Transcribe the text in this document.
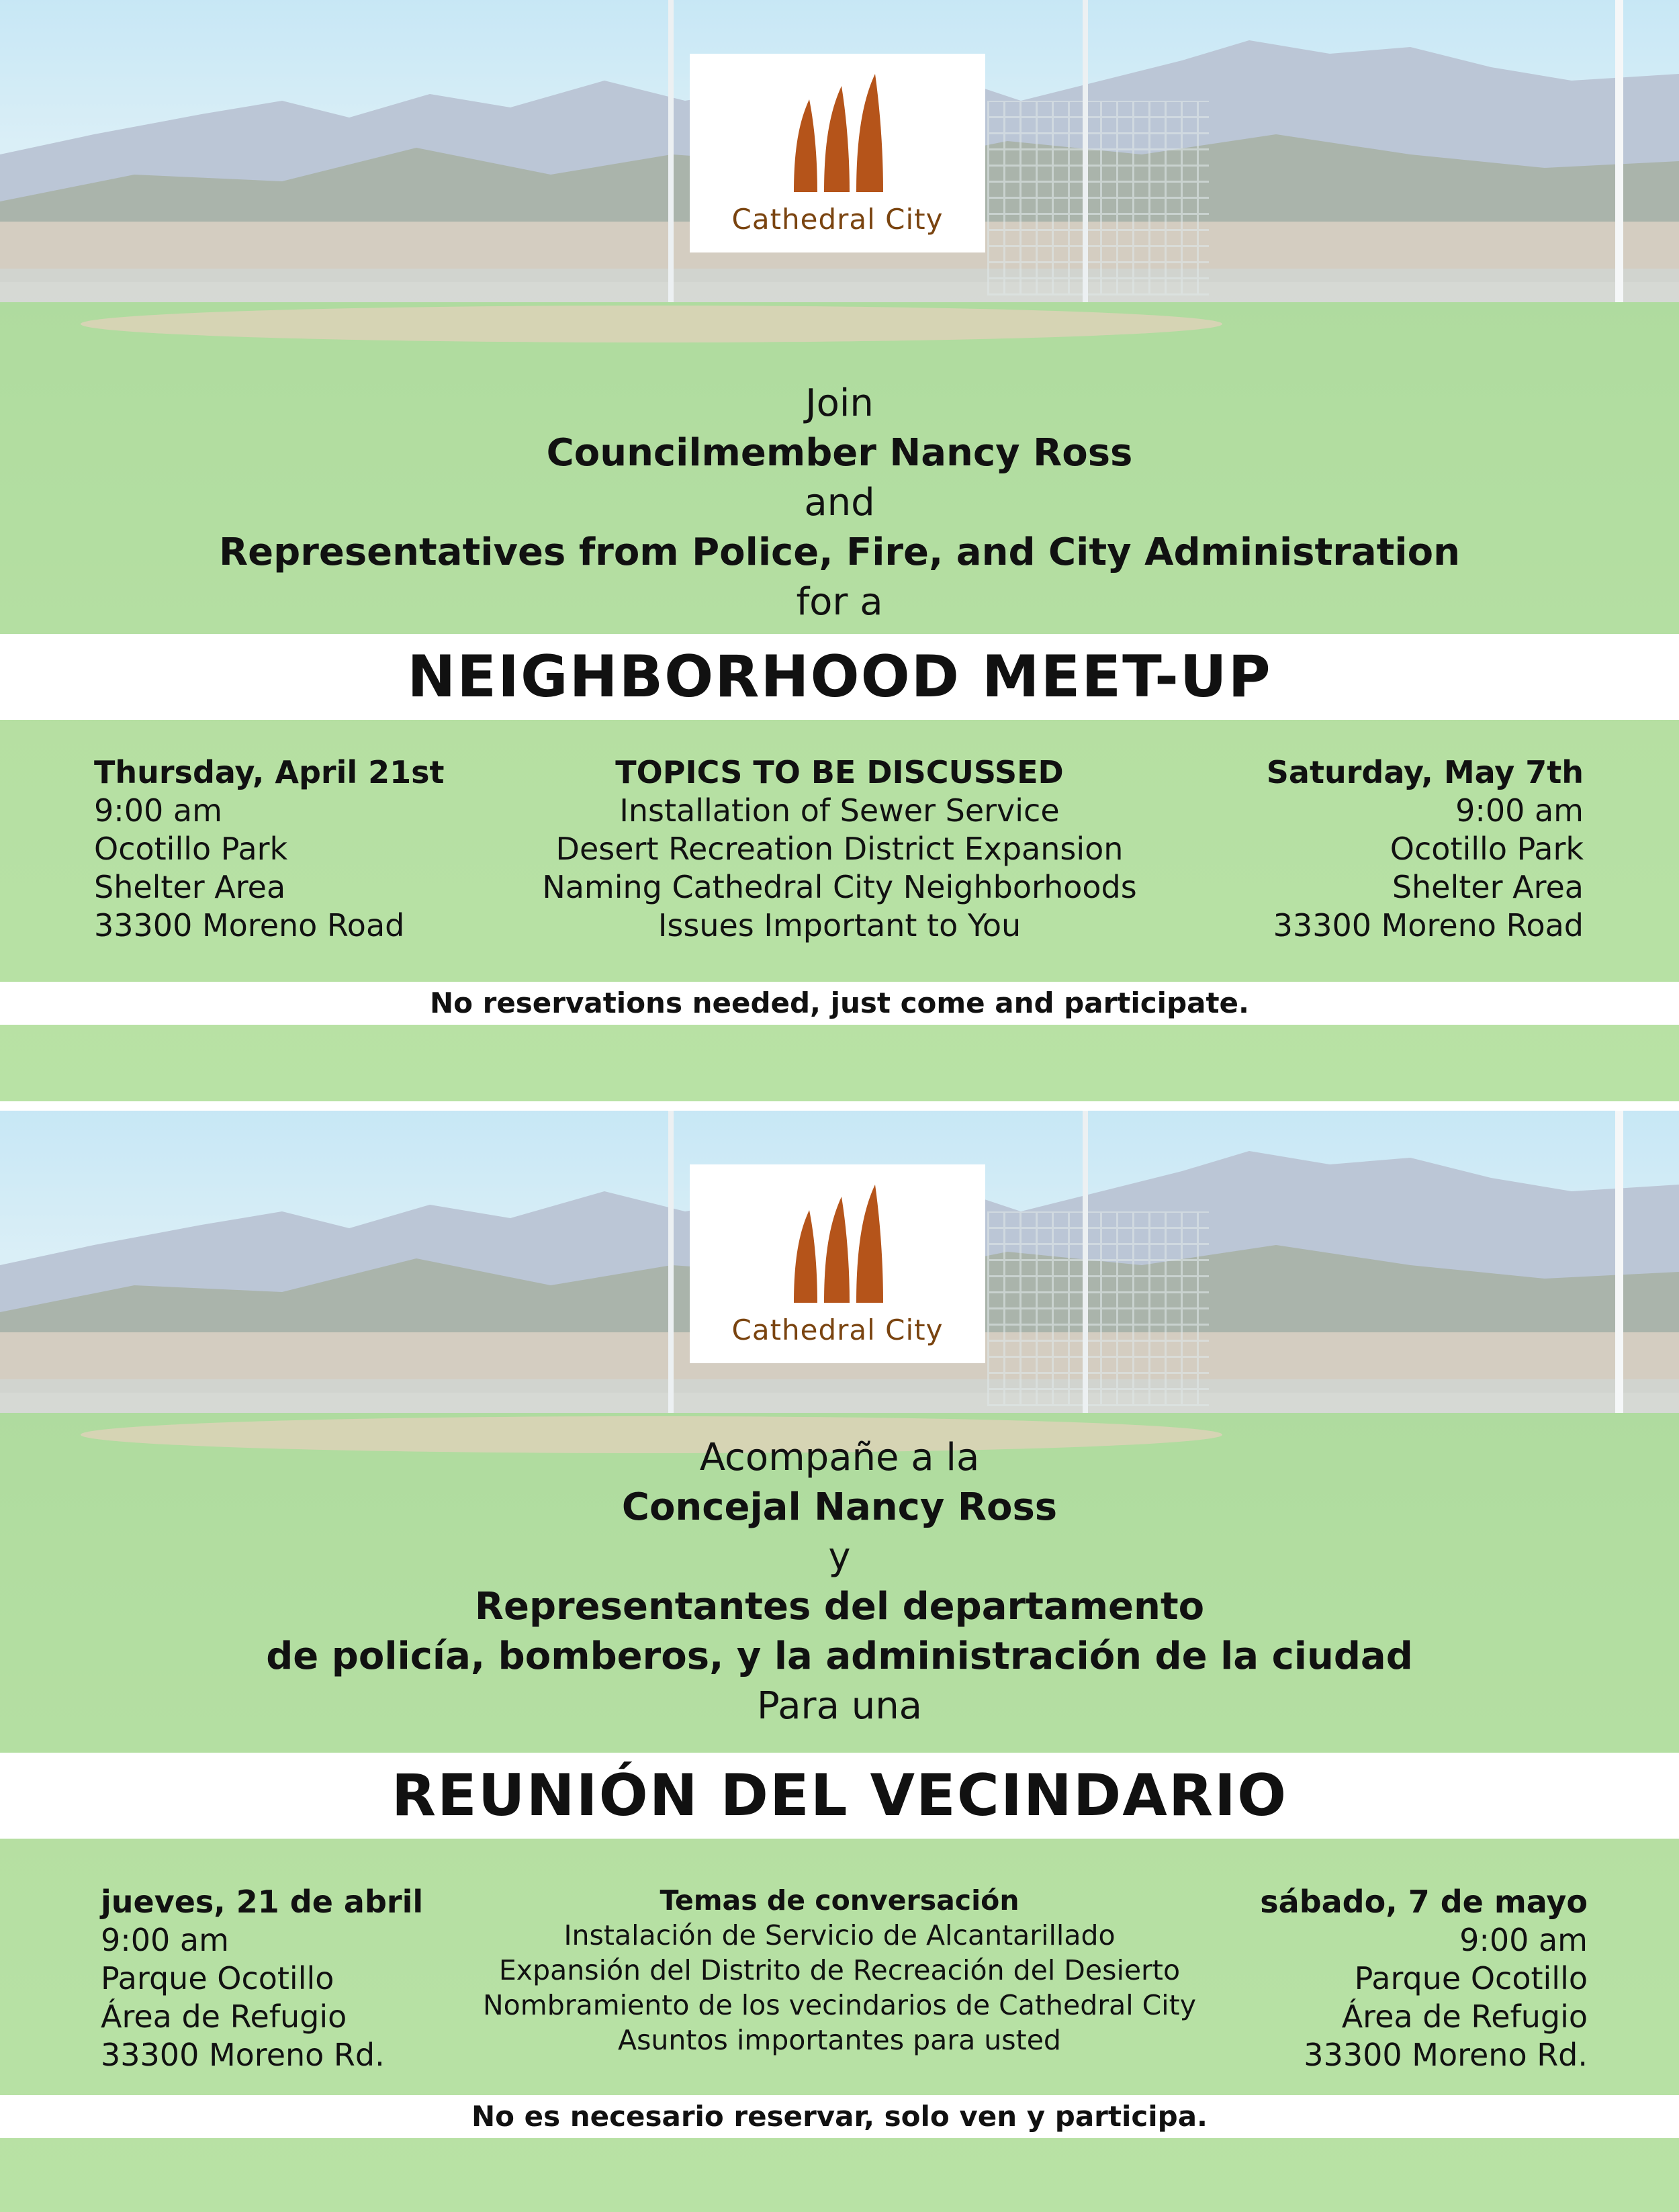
Cathedral City
Join
Councilmember Nancy Ross
and
Representatives from Police, Fire, and City Administration
for a
NEIGHBORHOOD MEET-UP
Thursday, April 21st
9:00 am
Ocotillo Park
Shelter Area
33300 Moreno Road
TOPICS TO BE DISCUSSED
Installation of Sewer Service
Desert Recreation District Expansion
Naming Cathedral City Neighborhoods
Issues Important to You
Saturday, May 7th
9:00 am
Ocotillo Park
Shelter Area
33300 Moreno Road
No reservations needed, just come and participate.
Cathedral City
Acompañe a la
Concejal Nancy Ross
y
Representantes del departamento
de policía, bomberos, y la administración de la ciudad
Para una
REUNIÓN DEL VECINDARIO
jueves, 21 de abril
9:00 am
Parque Ocotillo
Área de Refugio
33300 Moreno Rd.
Temas de conversación
Instalación de Servicio de Alcantarillado
Expansión del Distrito de Recreación del Desierto
Nombramiento de los vecindarios de Cathedral City
Asuntos importantes para usted
sábado, 7 de mayo
9:00 am
Parque Ocotillo
Área de Refugio
33300 Moreno Rd.
No es necesario reservar, solo ven y participa.
